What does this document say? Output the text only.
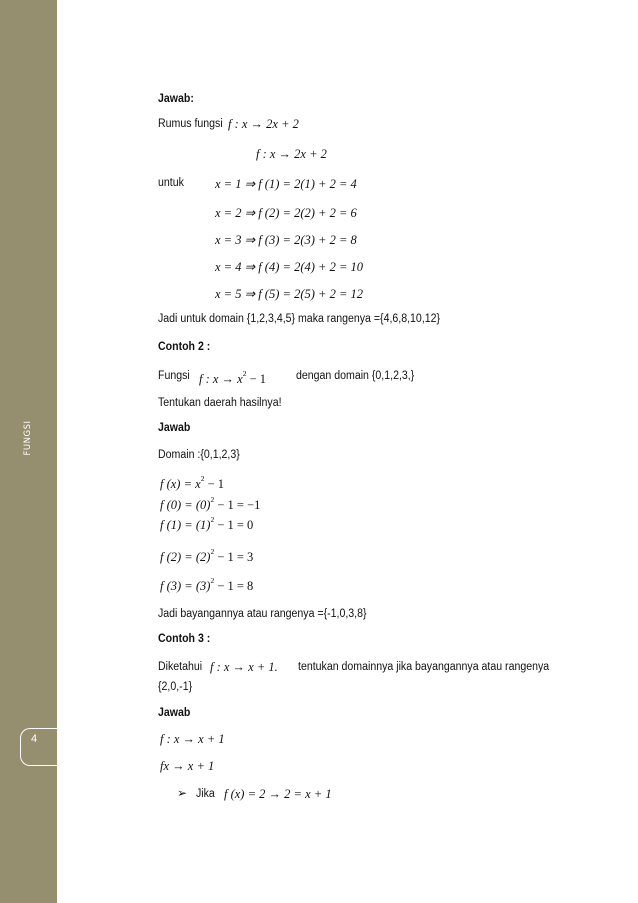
FUNGSI
4
Jawab:
Rumus fungsi f : x → 2x + 2
f : x → 2x + 2
untuk x = 1 ⇒ f (1) = 2(1) + 2 = 4
x = 2 ⇒ f (2) = 2(2) + 2 = 6
x = 3 ⇒ f (3) = 2(3) + 2 = 8
x = 4 ⇒ f (4) = 2(4) + 2 = 10
x = 5 ⇒ f (5) = 2(5) + 2 = 12
Jadi untuk domain {1,2,3,4,5} maka rangenya ={4,6,8,10,12}
Contoh 2 :
Fungsi f : $x \to x^2 - 1$	dengan domain {0,1,2,3,}
Tentukan daerah hasilnya!
Jawab
Domain :{0,1,2,3}
f $(x) = x^2 - 1$
f $(0) = (0)^2 - 1 = -1$
f $(1) = (1)^2 - 1 = 0$
f $(2) = (2)^2 - 1 = 3$
f $(3) = (3)^2 - 1 = 8$
Jadi bayangannya atau rangenya ={-1,0,3,8}
Contoh 3 :
Diketahui f : x → x + 1. tentukan domainnya jika bayangannya atau rangenya
{2,0,-1}
Jawab
f : x → x + 1
fx → x + 1
➢ Jika f (x) = 2 → 2 = x + 1
